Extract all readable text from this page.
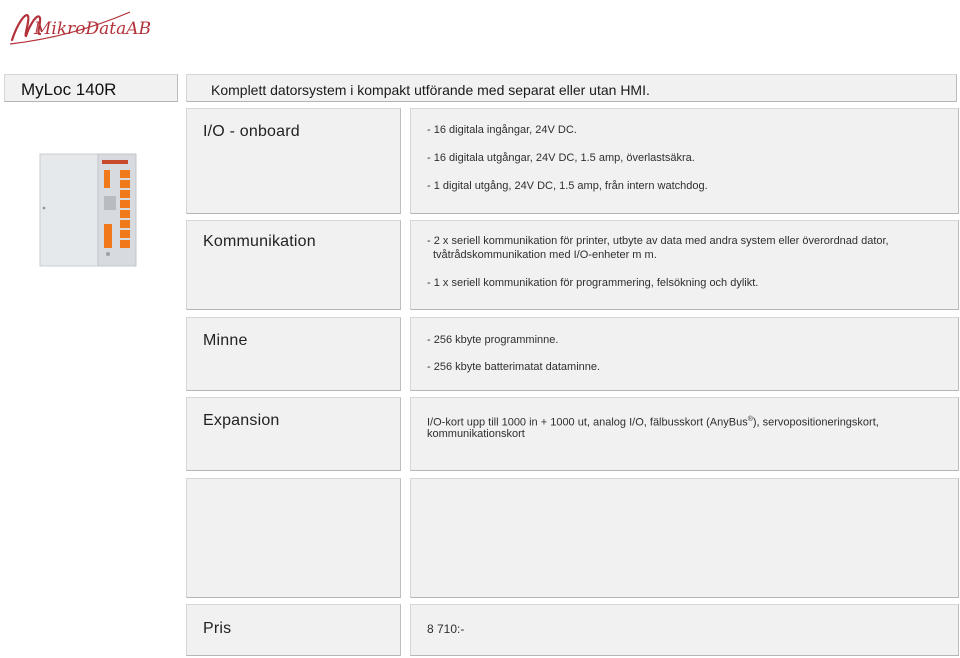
MikroDataAB
MyLoc 140R	Komplett datorsystem i kompakt utförande med separat eller utan HMI.
I/O - onboard	- 16 digitala ingångar, 24V DC.
- 16 digitala utgångar, 24V DC, 1.5 amp, överlastsäkra.
- 1 digital utgång, 24V DC, 1.5 amp, från intern watchdog.
Kommunikation	- 2 x seriell kommunikation för printer, utbyte av data med andra system eller överordnad dator,
tvåtrådskommunikation med I/O-enheter m m.
- 1 x seriell kommunikation för programmering, felsökning och dylikt.
Minne	- 256 kbyte programminne.
- 256 kbyte batterimatat dataminne.
Expansion	I/O-kort upp till 1000 in + 1000 ut, analog I/O, fälbusskort (AnyBus®), servopositioneringskort,
kommunikationskort
Pris	8 710:-
